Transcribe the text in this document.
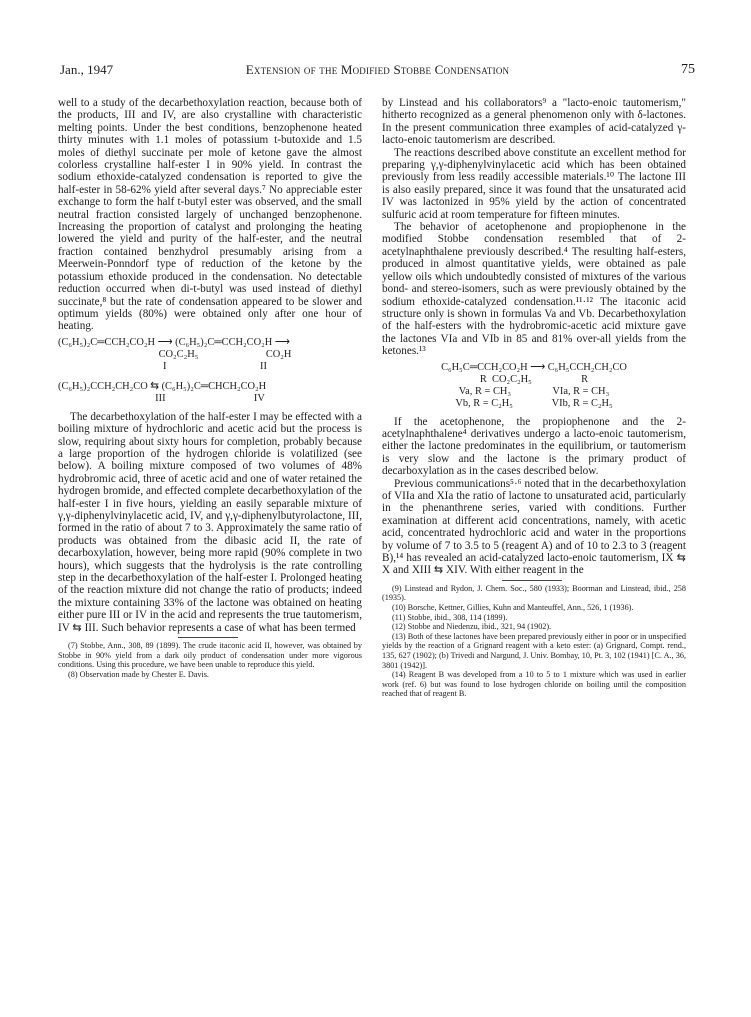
Jan., 1947	Extension of the Modified Stobbe Condensation	75

well to a study of the decarbethoxylation reaction, because both of the products, III and IV, are also crystalline with characteristic melting points. Under the best conditions, benzophenone heated thirty minutes with 1.1 moles of potassium t-butoxide and 1.5 moles of diethyl succinate per mole of ketone gave the almost colorless crystalline half-ester I in 90% yield. In contrast the sodium ethoxide-catalyzed condensation is reported to give the half-ester in 58-62% yield after several days.⁷ No appreciable ester exchange to form the half t-butyl ester was observed, and the small neutral fraction consisted largely of unchanged benzophenone. Increasing the proportion of catalyst and prolonging the heating lowered the yield and purity of the half-ester, and the neutral fraction contained benzhydrol presumably arising from a Meerwein-Ponndorf type of reduction of the ketone by the potassium ethoxide produced in the condensation. No detectable reduction occurred when di-t-butyl was used instead of diethyl succinate,⁸ but the rate of condensation appeared to be slower and optimum yields (80%) were obtained only after one hour of heating.

(C₆H₅)₂C═CCH₂CO₂H ⟶ (C₆H₅)₂C═CCH₂CO₂H ⟶
CO₂C₂H₅                          CO₂H
I                                    II
(C₆H₅)₂CCH₂CH₂CO ⇆ (C₆H₅)₂C═CHCH₂CO₂H
III                                  IV

The decarbethoxylation of the half-ester I may be effected with a boiling mixture of hydrochloric and acetic acid but the process is slow, requiring about sixty hours for completion, probably because a large proportion of the hydrogen chloride is volatilized (see below). A boiling mixture composed of two volumes of 48% hydrobromic acid, three of acetic acid and one of water retained the hydrogen bromide, and effected complete decarbethoxylation of the half-ester I in five hours, yielding an easily separable mixture of γ,γ-diphenylvinylacetic acid, IV, and γ,γ-diphenylbutyrolactone, III, formed in the ratio of about 7 to 3. Approximately the same ratio of products was obtained from the dibasic acid II, the rate of decarboxylation, however, being more rapid (90% complete in two hours), which suggests that the hydrolysis is the rate controlling step in the decarbethoxylation of the half-ester I. Prolonged heating of the reaction mixture did not change the ratio of products; indeed the mixture containing 33% of the lactone was obtained on heating either pure III or IV in the acid and represents the true tautomerism, IV ⇆ III. Such behavior represents a case of what has been termed

(7) Stobbe, Ann., 308, 89 (1899). The crude itaconic acid II, however, was obtained by Stobbe in 90% yield from a dark oily product of condensation under more vigorous conditions. Using this procedure, we have been unable to reproduce this yield.

(8) Observation made by Chester E. Davis.

by Linstead and his collaborators⁹ a "lacto-enoic tautomerism," hitherto recognized as a general phenomenon only with δ-lactones. In the present communication three examples of acid-catalyzed γ-lacto-enoic tautomerism are described.

The reactions described above constitute an excellent method for preparing γ,γ-diphenylvinylacetic acid which has been obtained previously from less readily accessible materials.¹⁰ The lactone III is also easily prepared, since it was found that the unsaturated acid IV was lactonized in 95% yield by the action of concentrated sulfuric acid at room temperature for fifteen minutes.

The behavior of acetophenone and propiophenone in the modified Stobbe condensation resembled that of 2-acetylnaphthalene previously described.⁴ The resulting half-esters, produced in almost quantitative yields, were obtained as pale yellow oils which undoubtedly consisted of mixtures of the various bond- and stereo-isomers, such as were previously obtained by the sodium ethoxide-catalyzed condensation.¹¹·¹² The itaconic acid structure only is shown in formulas Va and Vb. Decarbethoxylation of the half-esters with the hydrobromic-acetic acid mixture gave the lactones VIa and VIb in 85 and 81% over-all yields from the ketones.¹³

C₆H₅C═CCH₂CO₂H ⟶ C₆H₅CCH₂CH₂CO
R  CO₂C₂H₅                   R
Va, R = CH₃                VIa, R = CH₃
Vb, R = C₂H₅               VIb, R = C₂H₅

If the acetophenone, the propiophenone and the 2-acetylnaphthalene⁴ derivatives undergo a lacto-enoic tautomerism, either the lactone predominates in the equilibrium, or tautomerism is very slow and the lactone is the primary product of decarboxylation as in the cases described below.

Previous communications⁵·⁶ noted that in the decarbethoxylation of VIIa and XIa the ratio of lactone to unsaturated acid, particularly in the phenanthrene series, varied with conditions. Further examination at different acid concentrations, namely, with acetic acid, concentrated hydrochloric acid and water in the proportions by volume of 7 to 3.5 to 5 (reagent A) and of 10 to 2.3 to 3 (reagent B),¹⁴ has revealed an acid-catalyzed lacto-enoic tautomerism, IX ⇆ X and XIII ⇆ XIV. With either reagent in the

(9) Linstead and Rydon, J. Chem. Soc., 580 (1933); Boorman and Linstead, ibid., 258 (1935).

(10) Borsche, Kettner, Gillies, Kuhn and Manteuffel, Ann., 526, 1 (1936).

(11) Stobbe, ibid., 308, 114 (1899).

(12) Stobbe and Niedenzu, ibid., 321, 94 (1902).

(13) Both of these lactones have been prepared previously either in poor or in unspecified yields by the reaction of a Grignard reagent with a keto ester: (a) Grignard, Compt. rend., 135, 627 (1902); (b) Trivedi and Nargund, J. Univ. Bombay, 10, Pt. 3, 102 (1941) [C. A., 36, 3801 (1942)].

(14) Reagent B was developed from a 10 to 5 to 1 mixture which was used in earlier work (ref. 6) but was found to lose hydrogen chloride on boiling until the composition reached that of reagent B.
